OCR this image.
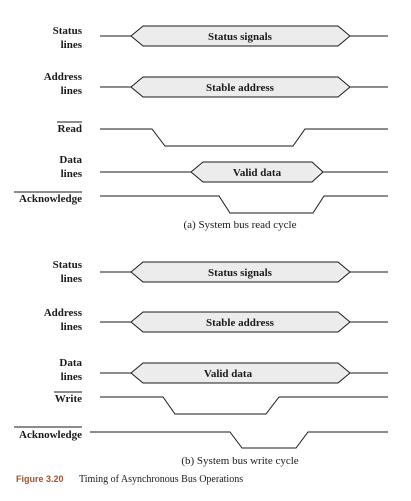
Status
lines
Status signals
Address
lines	Stable address
Read
Data
Valid data
lines
Acknowledge
(a) System bus read cycle
Status
lines	Status signals
Address
lines	Stable address
Data
lines	Valid data
Write
Acknowledge
(b) System bus write cycle
Figure 3.20 Timing of Asynchronous Bus Operations
